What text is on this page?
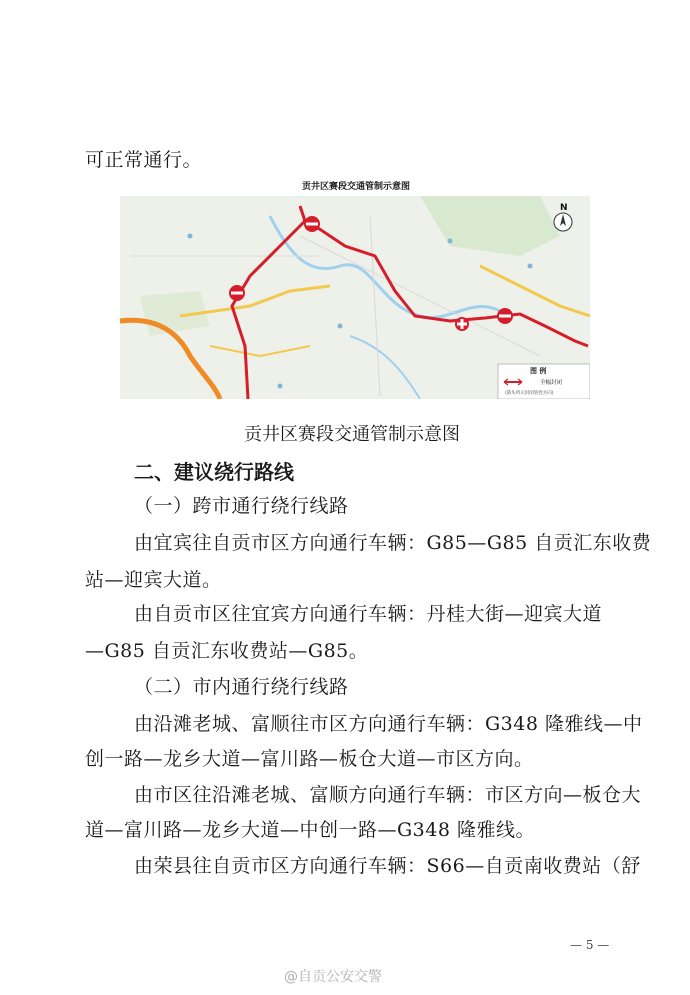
可正常通行。
贡井区赛段交通管制示意图
N
图 例
全幅封闭
(箭头所示封闭管控方向)
贡井区赛段交通管制示意图
二、建议绕行路线
（一）跨市通行绕行线路
由宜宾往自贡市区方向通行车辆：G85—G85 自贡汇东收费
站—迎宾大道。
由自贡市区往宜宾方向通行车辆：丹桂大街—迎宾大道
—G85 自贡汇东收费站—G85。
（二）市内通行绕行线路
由沿滩老城、富顺往市区方向通行车辆：G348 隆雅线—中
创一路—龙乡大道—富川路—板仓大道—市区方向。
由市区往沿滩老城、富顺方向通行车辆：市区方向—板仓大
道—富川路—龙乡大道—中创一路—G348 隆雅线。
由荣县往自贡市区方向通行车辆：S66—自贡南收费站（舒
— 5 —
@自贡公安交警
